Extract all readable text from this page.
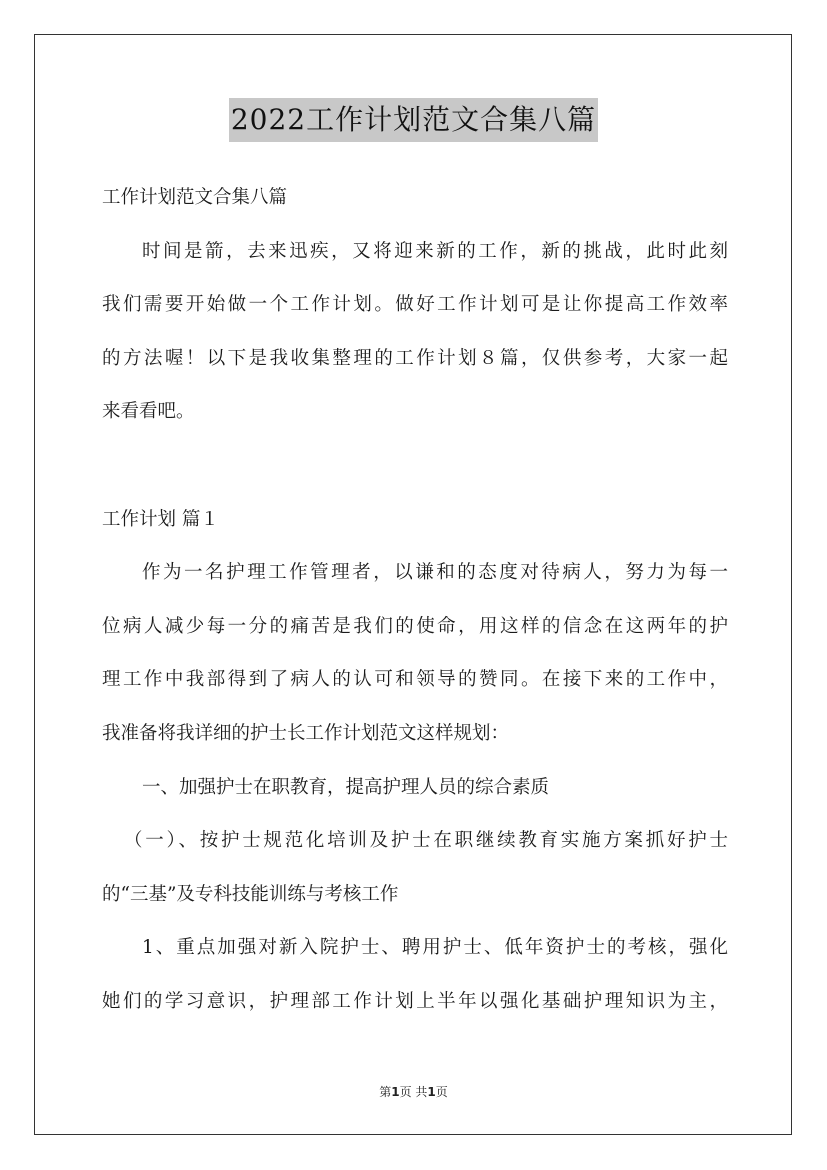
2022工作计划范文合集八篇
工作计划范文合集八篇
时间是箭，去来迅疾，又将迎来新的工作，新的挑战，此时此刻
我们需要开始做一个工作计划。做好工作计划可是让你提高工作效率
的方法喔！以下是我收集整理的工作计划８篇，仅供参考，大家一起
来看看吧。
工作计划 篇１
作为一名护理工作管理者，以谦和的态度对待病人，努力为每一
位病人减少每一分的痛苦是我们的使命，用这样的信念在这两年的护
理工作中我部得到了病人的认可和领导的赞同。在接下来的工作中，
我准备将我详细的护士长工作计划范文这样规划：
一、加强护士在职教育，提高护理人员的综合素质
（一）、按护士规范化培训及护士在职继续教育实施方案抓好护士
的“三基”及专科技能训练与考核工作
1、重点加强对新入院护士、聘用护士、低年资护士的考核，强化
她们的学习意识，护理部工作计划上半年以强化基础护理知识为主，
第1页 共1页
